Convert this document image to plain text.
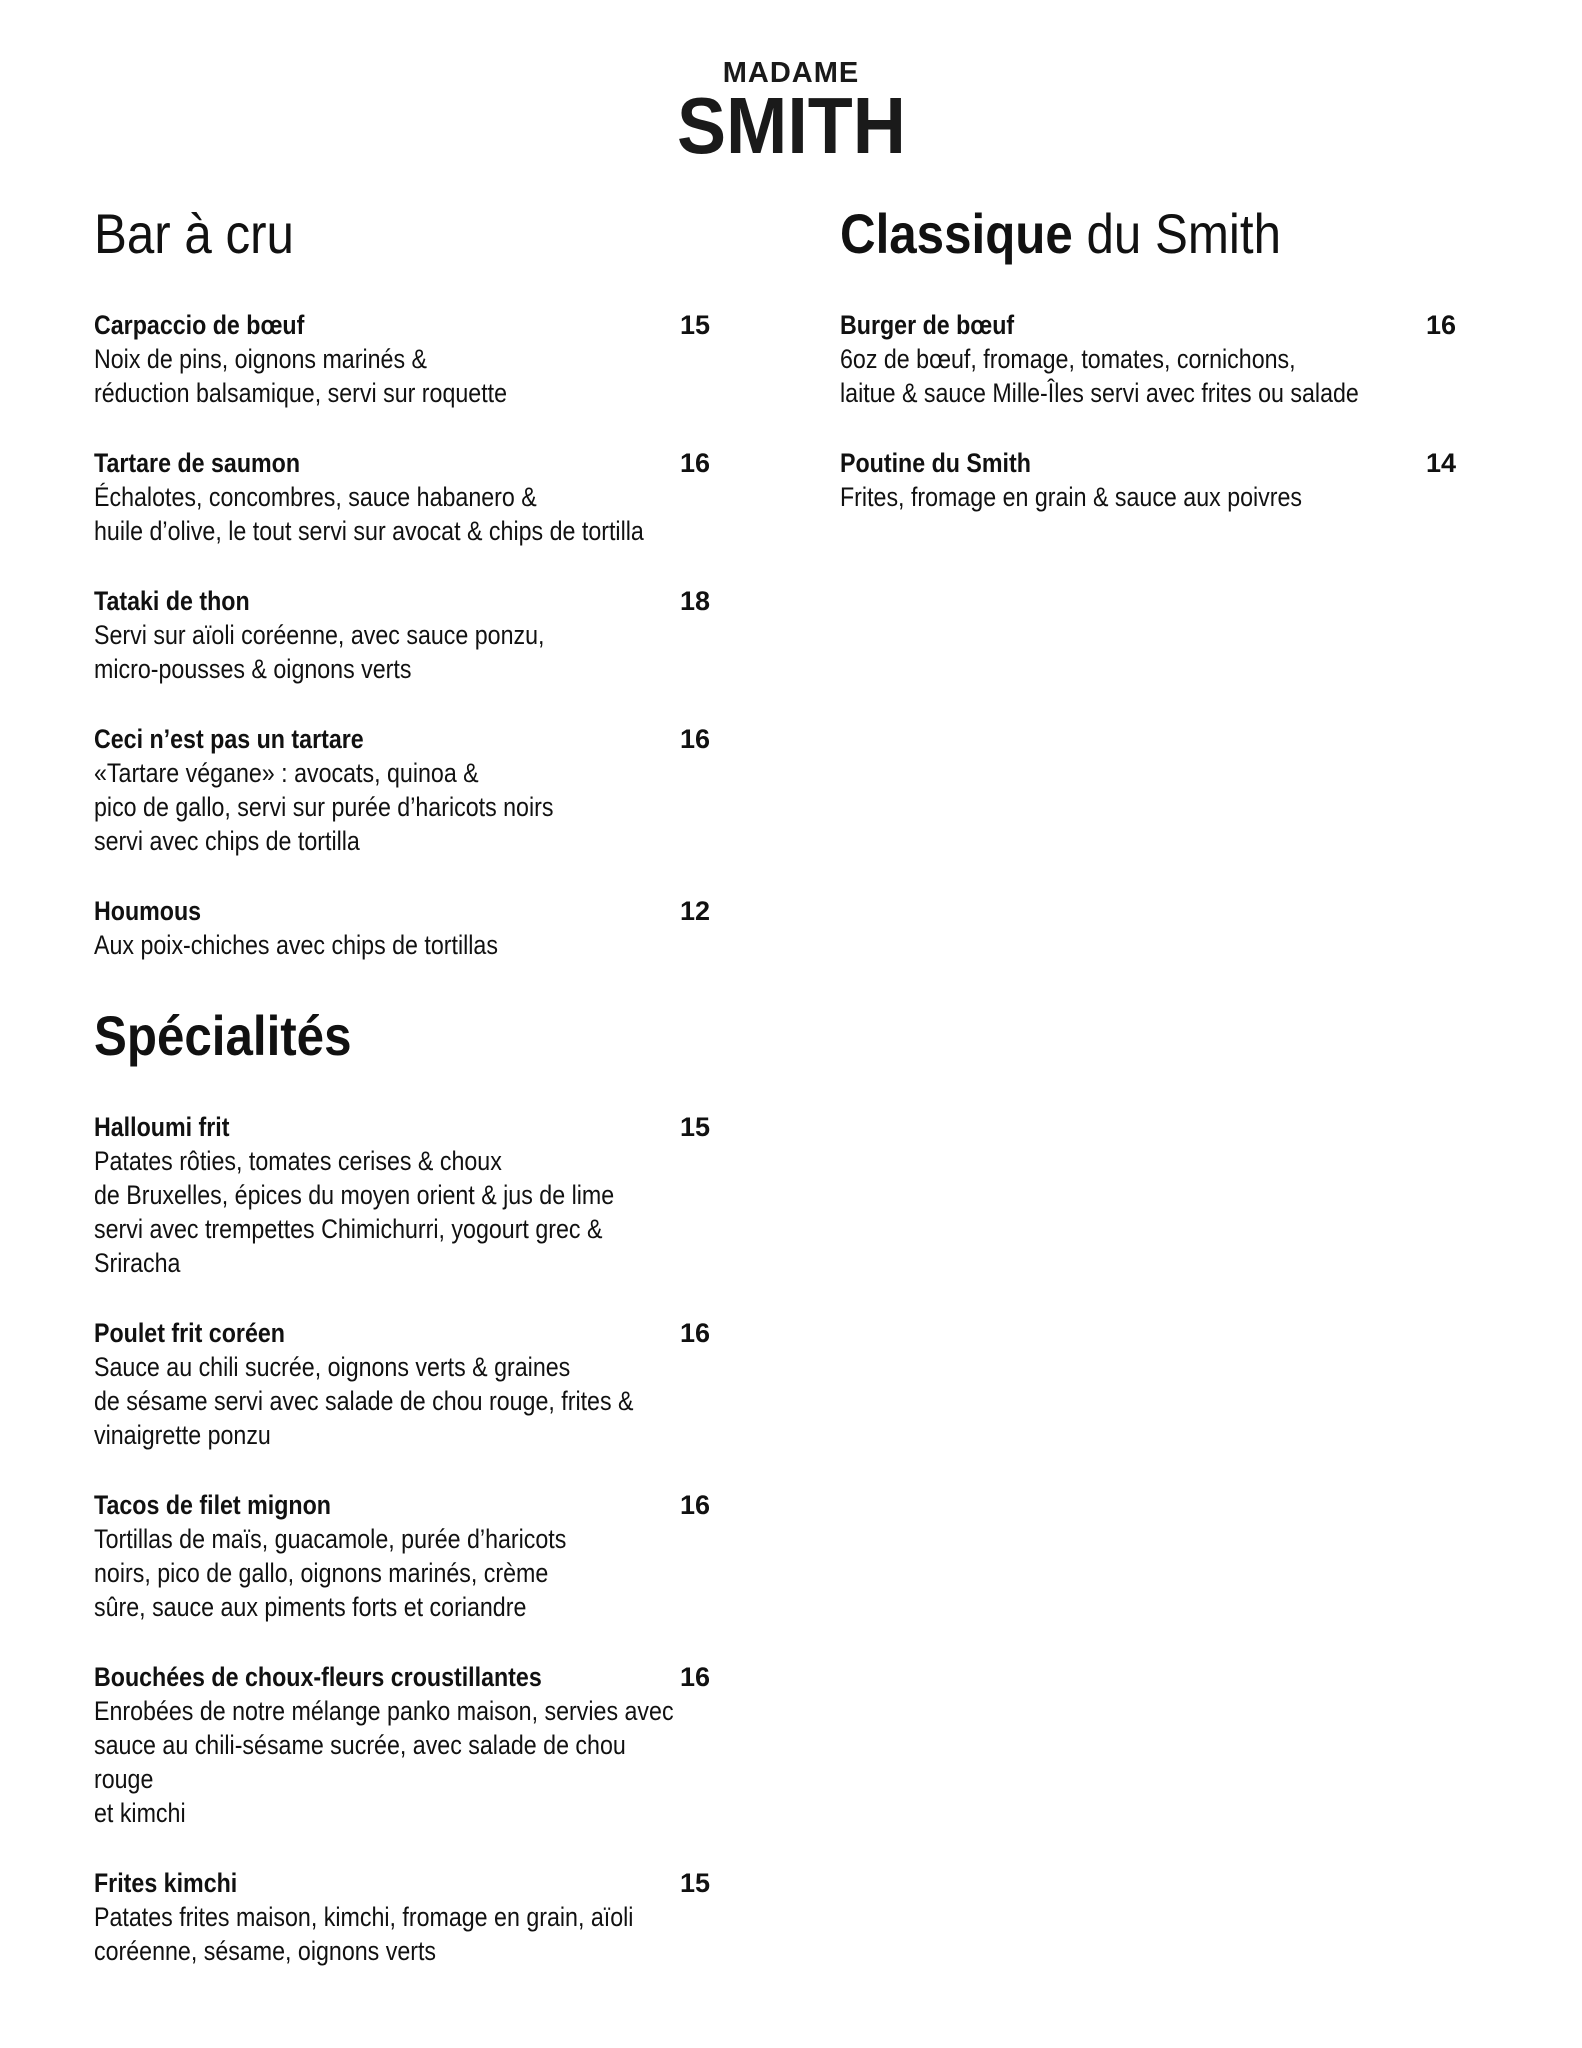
MADAME
SMITH
Bar à cru
Carpaccio de bœuf	15
Noix de pins, oignons marinés &
réduction balsamique, servi sur roquette
Tartare de saumon	16
Échalotes, concombres, sauce habanero &
huile d’olive, le tout servi sur avocat & chips de tortilla
Tataki de thon	18
Servi sur aïoli coréenne, avec sauce ponzu,
micro-pousses & oignons verts
Ceci n’est pas un tartare	16
«Tartare végane» : avocats, quinoa &
pico de gallo, servi sur purée d’haricots noirs
servi avec chips de tortilla
Houmous	12
Aux poix-chiches avec chips de tortillas
Spécialités
Halloumi frit	15
Patates rôties, tomates cerises & choux
de Bruxelles, épices du moyen orient & jus de lime
servi avec trempettes Chimichurri, yogourt grec & Sriracha
Poulet frit coréen	16
Sauce au chili sucrée, oignons verts & graines
de sésame servi avec salade de chou rouge, frites &
vinaigrette ponzu
Tacos de filet mignon	16
Tortillas de maïs, guacamole, purée d’haricots
noirs, pico de gallo, oignons marinés, crème
sûre, sauce aux piments forts et coriandre
Bouchées de choux-fleurs croustillantes	16
Enrobées de notre mélange panko maison, servies avec
sauce au chili-sésame sucrée, avec salade de chou rouge
et kimchi
Frites kimchi	15
Patates frites maison, kimchi, fromage en grain, aïoli
coréenne, sésame, oignons verts
Classique du Smith
Burger de bœuf	16
6oz de bœuf, fromage, tomates, cornichons,
laitue & sauce Mille-Îles servi avec frites ou salade
Poutine du Smith	14
Frites, fromage en grain & sauce aux poivres
